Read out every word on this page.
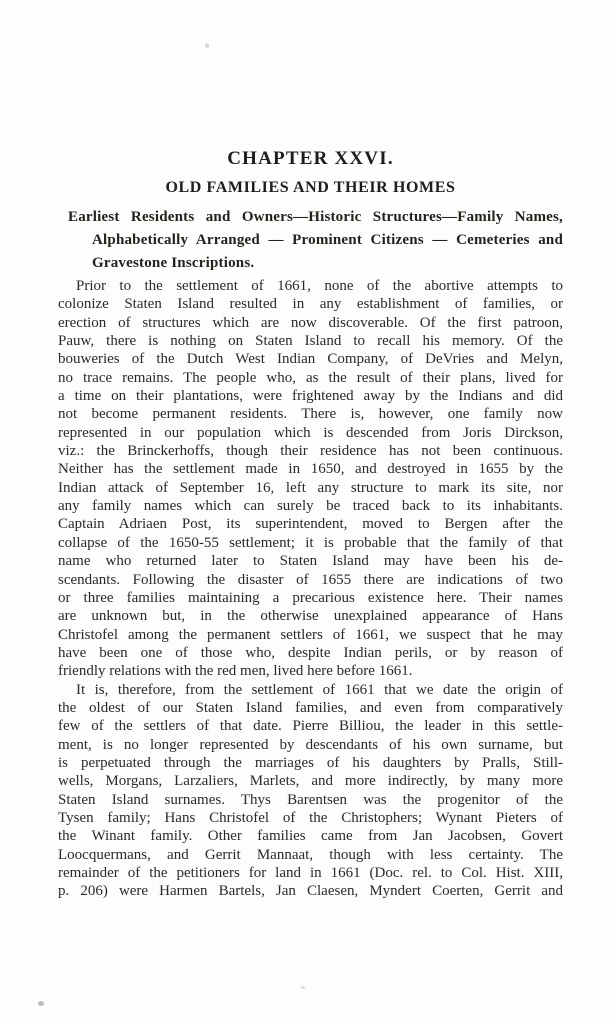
CHAPTER XXVI.
OLD FAMILIES AND THEIR HOMES
Earliest Residents and Owners—Historic Structures—Family Names,
Alphabetically Arranged — Prominent Citizens — Cemeteries and
Gravestone Inscriptions.
Prior to the settlement of 1661, none of the abortive attempts to
colonize Staten Island resulted in any establishment of families, or
erection of structures which are now discoverable. Of the first patroon,
Pauw, there is nothing on Staten Island to recall his memory. Of the
bouweries of the Dutch West Indian Company, of DeVries and Melyn,
no trace remains. The people who, as the result of their plans, lived for
a time on their plantations, were frightened away by the Indians and did
not become permanent residents. There is, however, one family now
represented in our population which is descended from Joris Dirckson,
viz.: the Brinckerhoffs, though their residence has not been continuous.
Neither has the settlement made in 1650, and destroyed in 1655 by the
Indian attack of September 16, left any structure to mark its site, nor
any family names which can surely be traced back to its inhabitants.
Captain Adriaen Post, its superintendent, moved to Bergen after the
collapse of the 1650-55 settlement; it is probable that the family of that
name who returned later to Staten Island may have been his de-
scendants. Following the disaster of 1655 there are indications of two
or three families maintaining a precarious existence here. Their names
are unknown but, in the otherwise unexplained appearance of Hans
Christofel among the permanent settlers of 1661, we suspect that he may
have been one of those who, despite Indian perils, or by reason of
friendly relations with the red men, lived here before 1661.
It is, therefore, from the settlement of 1661 that we date the origin of
the oldest of our Staten Island families, and even from comparatively
few of the settlers of that date. Pierre Billiou, the leader in this settle-
ment, is no longer represented by descendants of his own surname, but
is perpetuated through the marriages of his daughters by Pralls, Still-
wells, Morgans, Larzaliers, Marlets, and more indirectly, by many more
Staten Island surnames. Thys Barentsen was the progenitor of the
Tysen family; Hans Christofel of the Christophers; Wynant Pieters of
the Winant family. Other families came from Jan Jacobsen, Govert
Loocquermans, and Gerrit Mannaat, though with less certainty. The
remainder of the petitioners for land in 1661 (Doc. rel. to Col. Hist. XIII,
p. 206) were Harmen Bartels, Jan Claesen, Myndert Coerten, Gerrit and
